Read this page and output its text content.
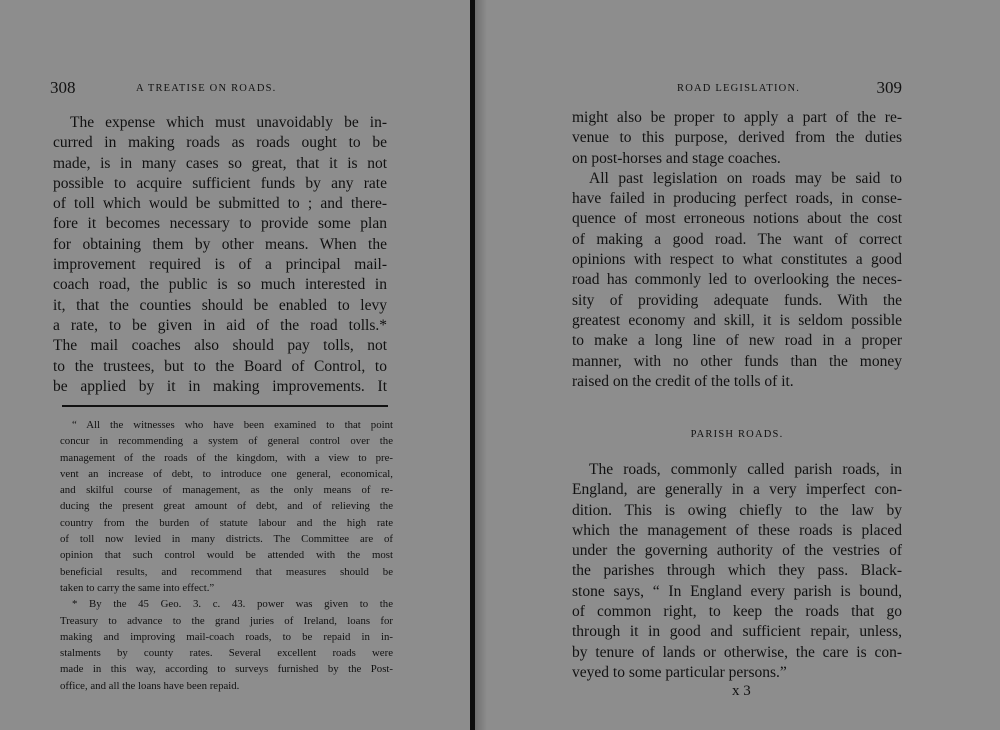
308	A TREATISE ON ROADS.
The expense which must unavoidably be in-
curred in making roads as roads ought to be
made, is in many cases so great, that it is not
possible to acquire sufficient funds by any rate
of toll which would be submitted to ; and there-
fore it becomes necessary to provide some plan
for obtaining them by other means. When the
improvement required is of a principal mail-
coach road, the public is so much interested in
it, that the counties should be enabled to levy
a rate, to be given in aid of the road tolls.*
The mail coaches also should pay tolls, not
to the trustees, but to the Board of Control, to
be applied by it in making improvements. It
“ All the witnesses who have been examined to that point
concur in recommending a system of general control over the
management of the roads of the kingdom, with a view to pre-
vent an increase of debt, to introduce one general, economical,
and skilful course of management, as the only means of re-
ducing the present great amount of debt, and of relieving the
country from the burden of statute labour and the high rate
of toll now levied in many districts. The Committee are of
opinion that such control would be attended with the most
beneficial results, and recommend that measures should be
taken to carry the same into effect.”
* By the 45 Geo. 3. c. 43. power was given to the
Treasury to advance to the grand juries of Ireland, loans for
making and improving mail-coach roads, to be repaid in in-
stalments by county rates. Several excellent roads were
made in this way, according to surveys furnished by the Post-
office, and all the loans have been repaid.
ROAD LEGISLATION.	309
might also be proper to apply a part of the re-
venue to this purpose, derived from the duties
on post-horses and stage coaches.
All past legislation on roads may be said to
have failed in producing perfect roads, in conse-
quence of most erroneous notions about the cost
of making a good road. The want of correct
opinions with respect to what constitutes a good
road has commonly led to overlooking the neces-
sity of providing adequate funds. With the
greatest economy and skill, it is seldom possible
to make a long line of new road in a proper
manner, with no other funds than the money
raised on the credit of the tolls of it.
PARISH ROADS.
The roads, commonly called parish roads, in
England, are generally in a very imperfect con-
dition. This is owing chiefly to the law by
which the management of these roads is placed
under the governing authority of the vestries of
the parishes through which they pass. Black-
stone says, “ In England every parish is bound,
of common right, to keep the roads that go
through it in good and sufficient repair, unless,
by tenure of lands or otherwise, the care is con-
veyed to some particular persons.”
x 3
